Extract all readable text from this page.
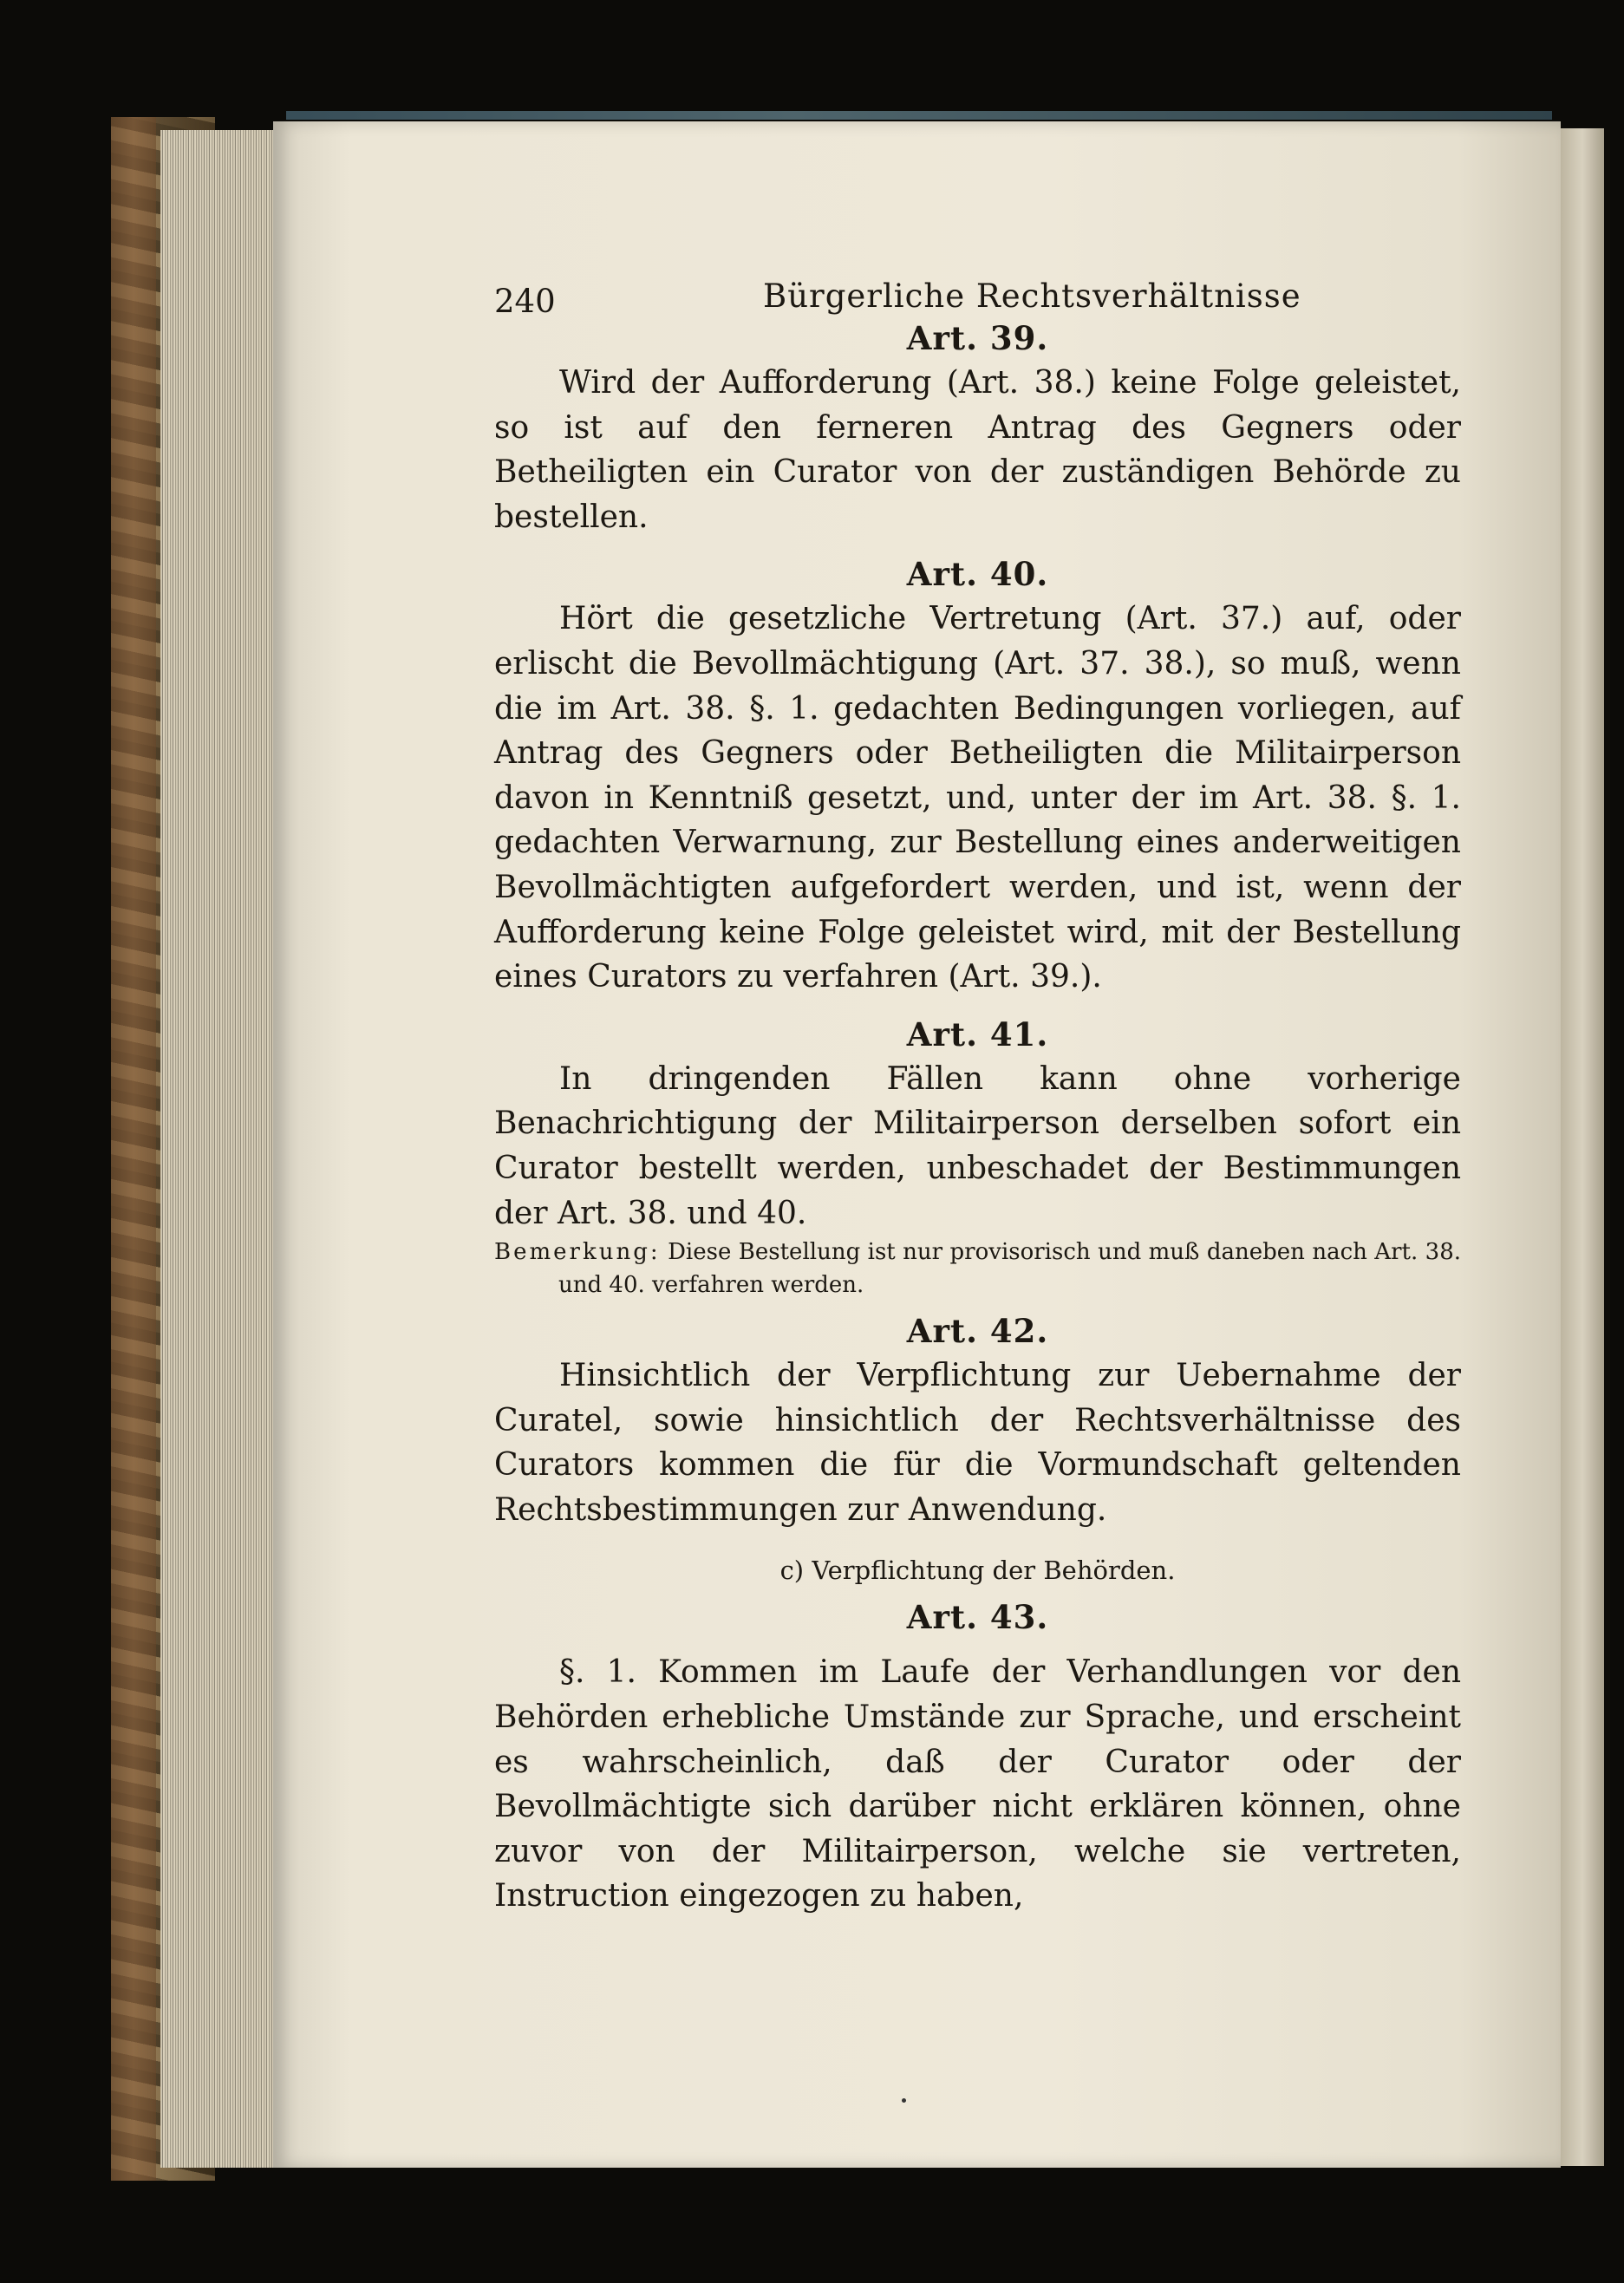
240	Bürgerliche Rechtsverhältnisse
Art. 39.

Wird der Aufforderung (Art. 38.) keine Folge geleistet, so ist auf den ferneren Antrag des Gegners oder Betheiligten ein Curator von der zuständigen Behörde zu bestellen.

Art. 40.

Hört die gesetzliche Vertretung (Art. 37.) auf, oder erlischt die Bevollmächtigung (Art. 37. 38.), so muß, wenn die im Art. 38. §. 1. gedachten Bedingungen vorliegen, auf Antrag des Gegners oder Betheiligten die Militairperson davon in Kenntniß gesetzt, und, unter der im Art. 38. §. 1. gedachten Verwarnung, zur Bestellung eines anderweitigen Bevollmächtigten aufgefordert werden, und ist, wenn der Aufforderung keine Folge geleistet wird, mit der Bestellung eines Curators zu verfahren (Art. 39.).

Art. 41.

In dringenden Fällen kann ohne vorherige Benachrichtigung der Militairperson derselben sofort ein Curator bestellt werden, unbeschadet der Bestimmungen der Art. 38. und 40.

Bemerkung: Diese Bestellung ist nur provisorisch und muß daneben nach Art. 38. und 40. verfahren werden.

Art. 42.

Hinsichtlich der Verpflichtung zur Uebernahme der Curatel, sowie hinsichtlich der Rechtsverhältnisse des Curators kommen die für die Vormundschaft geltenden Rechtsbestimmungen zur Anwendung.

c) Verpflichtung der Behörden.
Art. 43.

§. 1. Kommen im Laufe der Verhandlungen vor den Behörden erhebliche Umstände zur Sprache, und erscheint es wahrscheinlich, daß der Curator oder der Bevollmächtigte sich darüber nicht erklären können, ohne zuvor von der Militairperson, welche sie vertreten, Instruction eingezogen zu haben,
